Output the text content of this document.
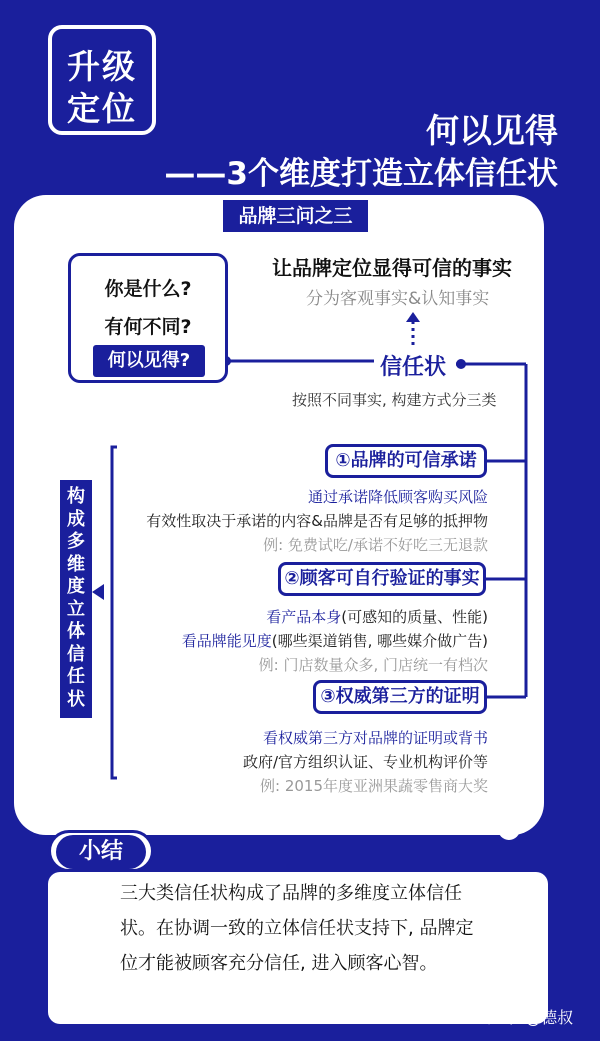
升级
定位
何以见得
——3个维度打造立体信任状
品牌三问之三
你是什么?
有何不同?
何以见得?
让品牌定位显得可信的事实
分为客观事实&认知事实
信任状
按照不同事实, 构建方式分三类
构成多维度立体信任状
①品牌的可信承诺
通过承诺降低顾客购买风险
有效性取决于承诺的内容&品牌是否有足够的抵押物
例: 免费试吃/承诺不好吃三无退款
②顾客可自行验证的事实
看产品本身(可感知的质量、性能)
看品牌能见度(哪些渠道销售, 哪些媒介做广告)
例: 门店数量众多, 门店统一有档次
③权威第三方的证明
看权威第三方对品牌的证明或背书
政府/官方组织认证、专业机构评价等
例: 2015年度亚洲果蔬零售商大奖
小结
三大类信任状构成了品牌的多维度立体信任状。在协调一致的立体信任状支持下, 品牌定位才能被顾客充分信任, 进入顾客心智。
知乎 @德叔
